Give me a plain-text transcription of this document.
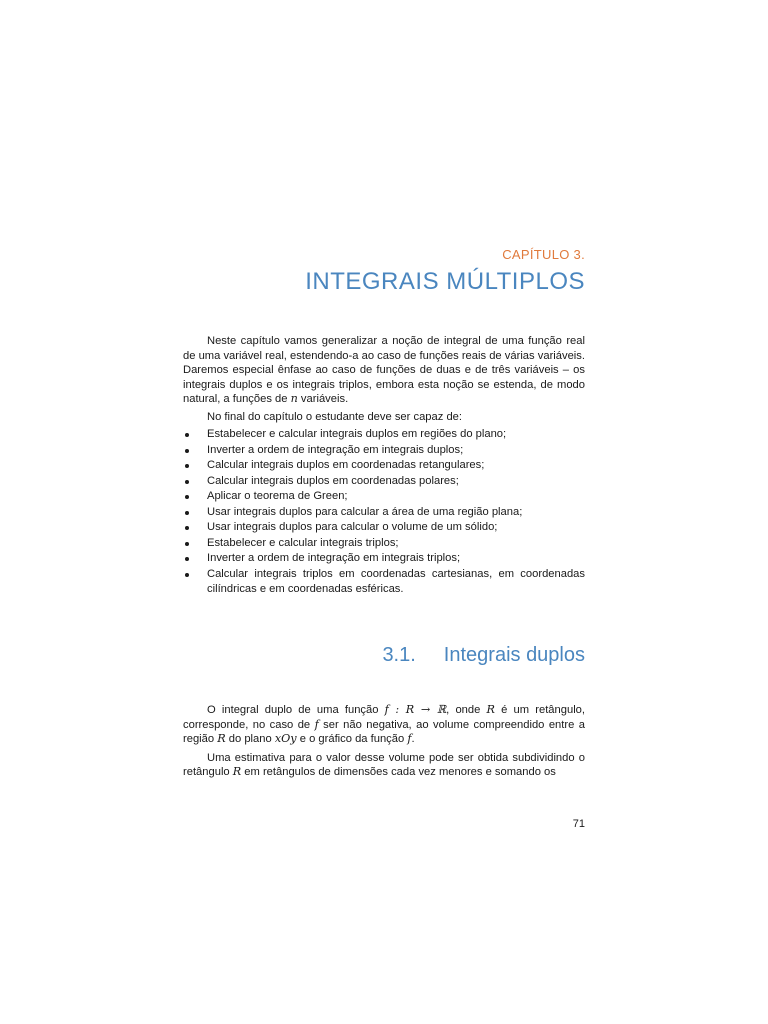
CAPÍTULO 3.
INTEGRAIS MÚLTIPLOS

Neste capítulo vamos generalizar a noção de integral de uma função real de uma variável real, estendendo-a ao caso de funções reais de várias variáveis. Daremos especial ênfase ao caso de funções de duas e de três variáveis – os integrais duplos e os integrais triplos, embora esta noção se estenda, de modo natural, a funções de n variáveis.

No final do capítulo o estudante deve ser capaz de:

Estabelecer e calcular integrais duplos em regiões do plano;
Inverter a ordem de integração em integrais duplos;
Calcular integrais duplos em coordenadas retangulares;
Calcular integrais duplos em coordenadas polares;
Aplicar o teorema de Green;
Usar integrais duplos para calcular a área de uma região plana;
Usar integrais duplos para calcular o volume de um sólido;
Estabelecer e calcular integrais triplos;
Inverter a ordem de integração em integrais triplos;
Calcular integrais triplos em coordenadas cartesianas, em coordenadas cilíndricas e em coordenadas esféricas.
3.1. Integrais duplos

O integral duplo de uma função f : R → ℝ, onde R é um retângulo, corresponde, no caso de f ser não negativa, ao volume compreendido entre a região R do plano xOy e o gráfico da função f.

Uma estimativa para o valor desse volume pode ser obtida subdividindo o retângulo R em retângulos de dimensões cada vez menores e somando os

71
